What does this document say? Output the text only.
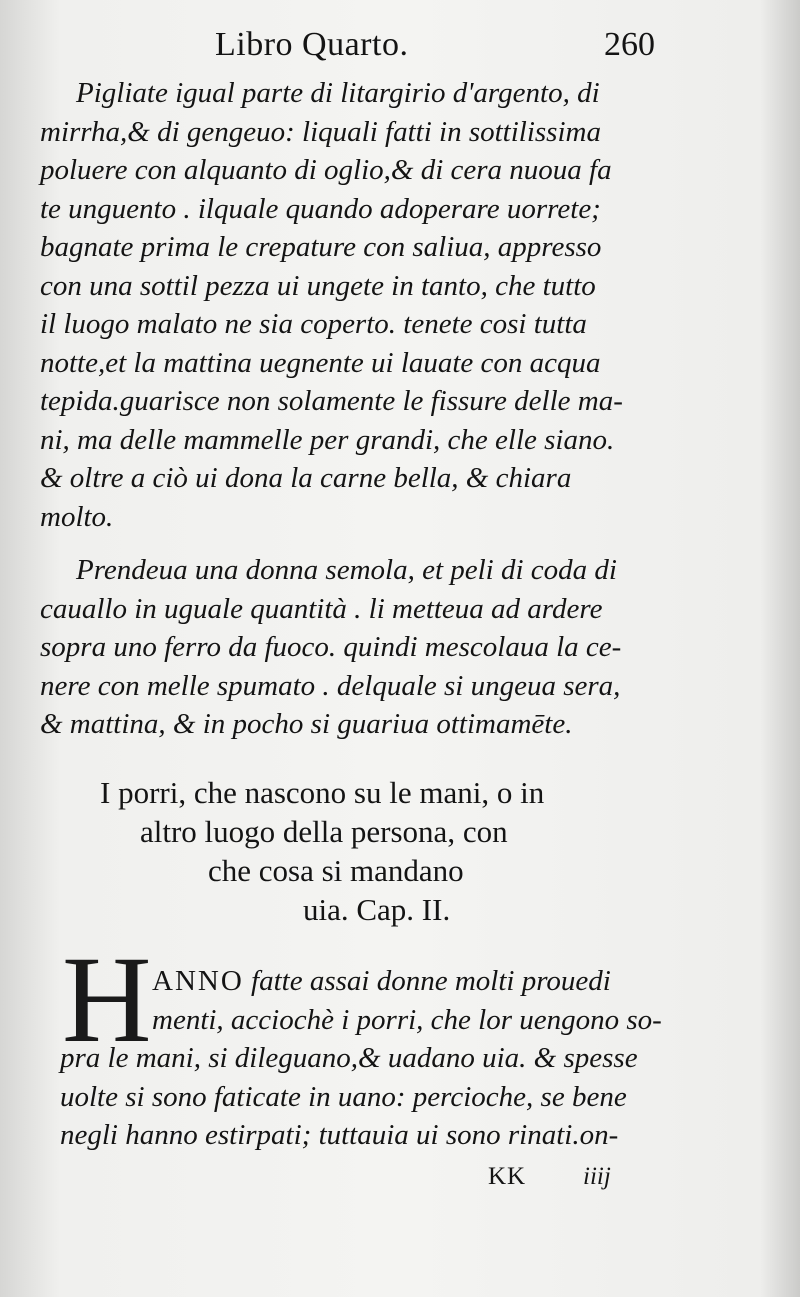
Libro Quarto.	260
Pigliate igual parte di litargirio d'argento, di
mirrha,& di gengeuo: liquali fatti in sottilissima
poluere con alquanto di oglio,& di cera nuoua fa
te unguento . ilquale quando adoperare uorrete;
bagnate prima le crepature con saliua, appresso
con una sottil pezza ui ungete in tanto, che tutto
il luogo malato ne sia coperto. tenete cosi tutta
notte,et la mattina uegnente ui lauate con acqua
tepida.guarisce non solamente le fissure delle ma-
ni, ma delle mammelle per grandi, che elle siano.
& oltre a ciò ui dona la carne bella, & chiara
molto.
Prendeua una donna semola, et peli di coda di
cauallo in uguale quantità . li metteua ad ardere
sopra uno ferro da fuoco. quindi mescolaua la ce-
nere con melle spumato . delquale si ungeua sera,
& mattina, & in pocho si guariua ottimamēte.
I porri, che nascono su le mani, o in
altro luogo della persona, con
che cosa si mandano
uia. Cap. II.
H ANNO fatte assai donne molti prouedi
menti, acciochè i porri, che lor uengono so-
pra le mani, si dileguano,& uadano uia. & spesse
uolte si sono faticate in uano: percioche, se bene
negli hanno estirpati; tuttauia ui sono rinati.on-
KK iiij
